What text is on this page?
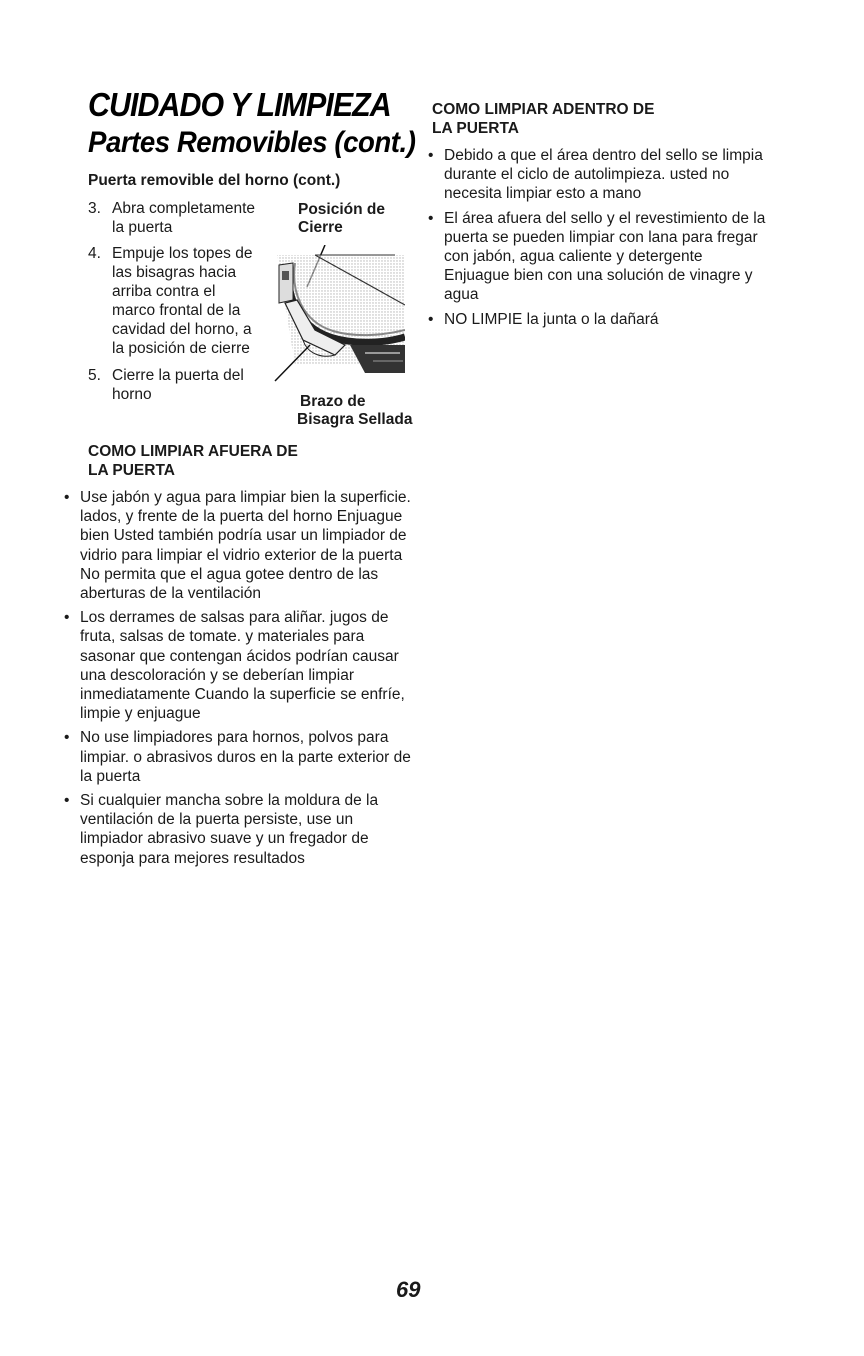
CUIDADO Y LIMPIEZA
Partes Removibles (cont.)
Puerta removible del horno (cont.)
3. Abra completamente
la puerta
4. Empuje los topes de
las bisagras hacia
arriba contra el
marco frontal de la
cavidad del horno, a
la posición de cierre
5. Cierre la puerta del
horno
Posición de
Cierre
Brazo de
Bisagra Sellada
COMO LIMPIAR AFUERA DE
LA PUERTA
• Use jabón y agua para limpiar bien la superficie. lados, y frente de la puerta del horno Enjuague bien Usted también podría usar un limpiador de vidrio para limpiar el vidrio exterior de la puerta No permita que el agua gotee dentro de las aberturas de la ventilación
• Los derrames de salsas para aliñar. jugos de fruta, salsas de tomate. y materiales para sasonar que contengan ácidos podrían causar una descoloración y se deberían limpiar inmediatamente Cuando la superficie se enfríe, limpie y enjuague
• No use limpiadores para hornos, polvos para limpiar. o abrasivos duros en la parte exterior de la puerta
• Si cualquier mancha sobre la moldura de la ventilación de la puerta persiste, use un limpiador abrasivo suave y un fregador de esponja para mejores resultados
COMO LIMPIAR ADENTRO DE
LA PUERTA
• Debido a que el área dentro del sello se limpia durante el ciclo de autolimpieza. usted no necesita limpiar esto a mano
• El área afuera del sello y el revestimiento de la puerta se pueden limpiar con lana para fregar con jabón, agua caliente y detergente Enjuague bien con una solución de vinagre y agua
• NO LIMPIE la junta o la dañará
69
